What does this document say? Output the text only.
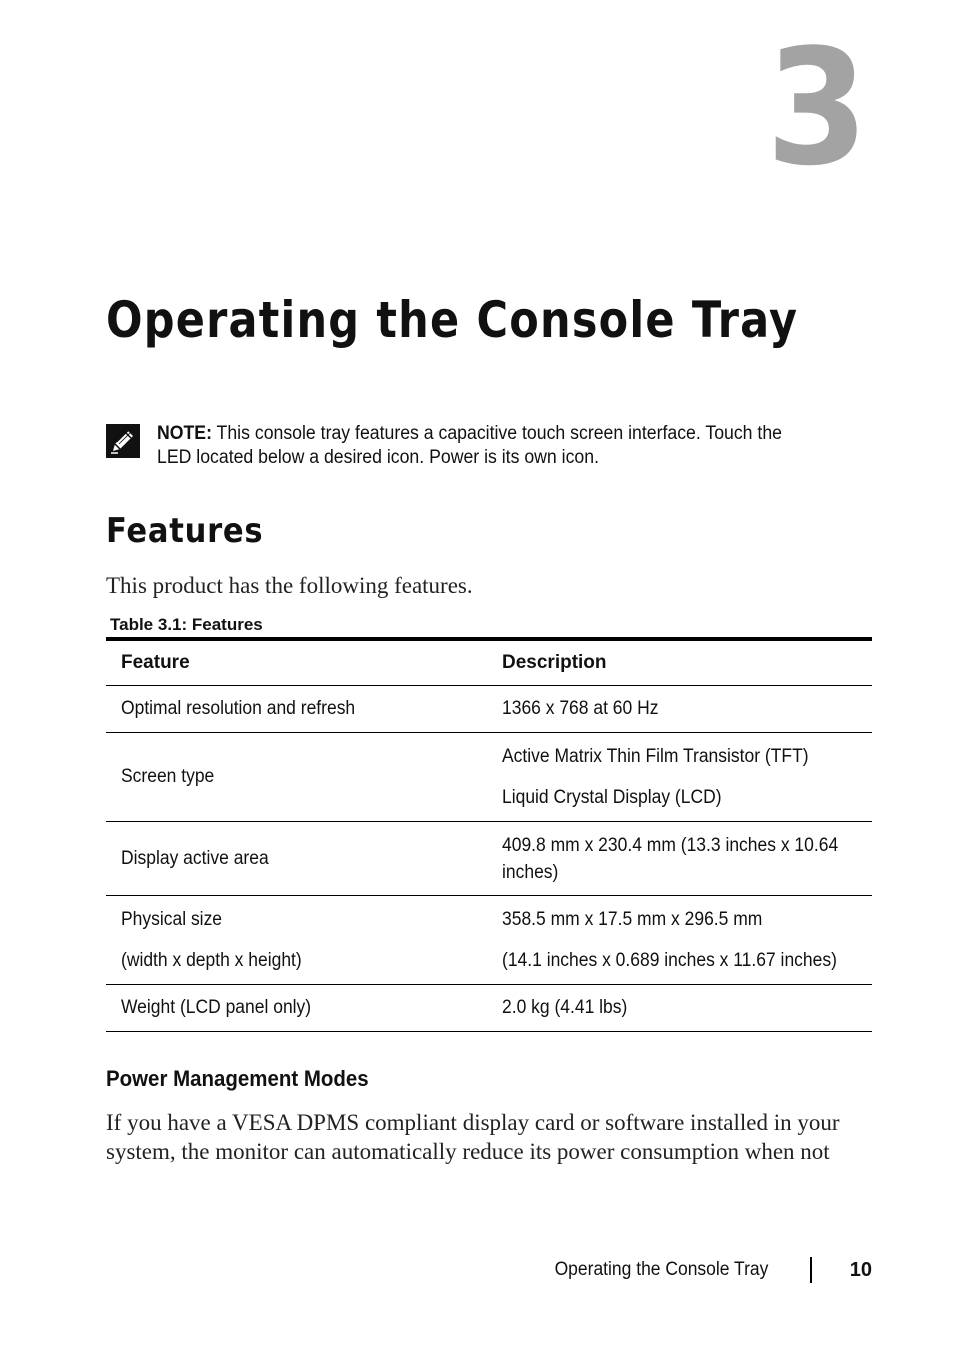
3
Operating the Console Tray
NOTE: This console tray features a capacitive touch screen interface. Touch the LED located below a desired icon. Power is its own icon.
Features

This product has the following features.

Table 3.1: Features
Feature	Description

Optimal resolution and refresh	1366 x 768 at 60 Hz

Screen type	Active Matrix Thin Film Transistor (TFT)
Liquid Crystal Display (LCD)

Display active area	409.8 mm x 230.4 mm (13.3 inches x 10.64 inches)

Physical size
(width x depth x height)	358.5 mm x 17.5 mm x 296.5 mm
(14.1 inches x 0.689 inches x 11.67 inches)

Weight (LCD panel only)	2.0 kg (4.41 lbs)
Power Management Modes

If you have a VESA DPMS compliant display card or software installed in your system, the monitor can automatically reduce its power consumption when not

Operating the Console Tray	10
